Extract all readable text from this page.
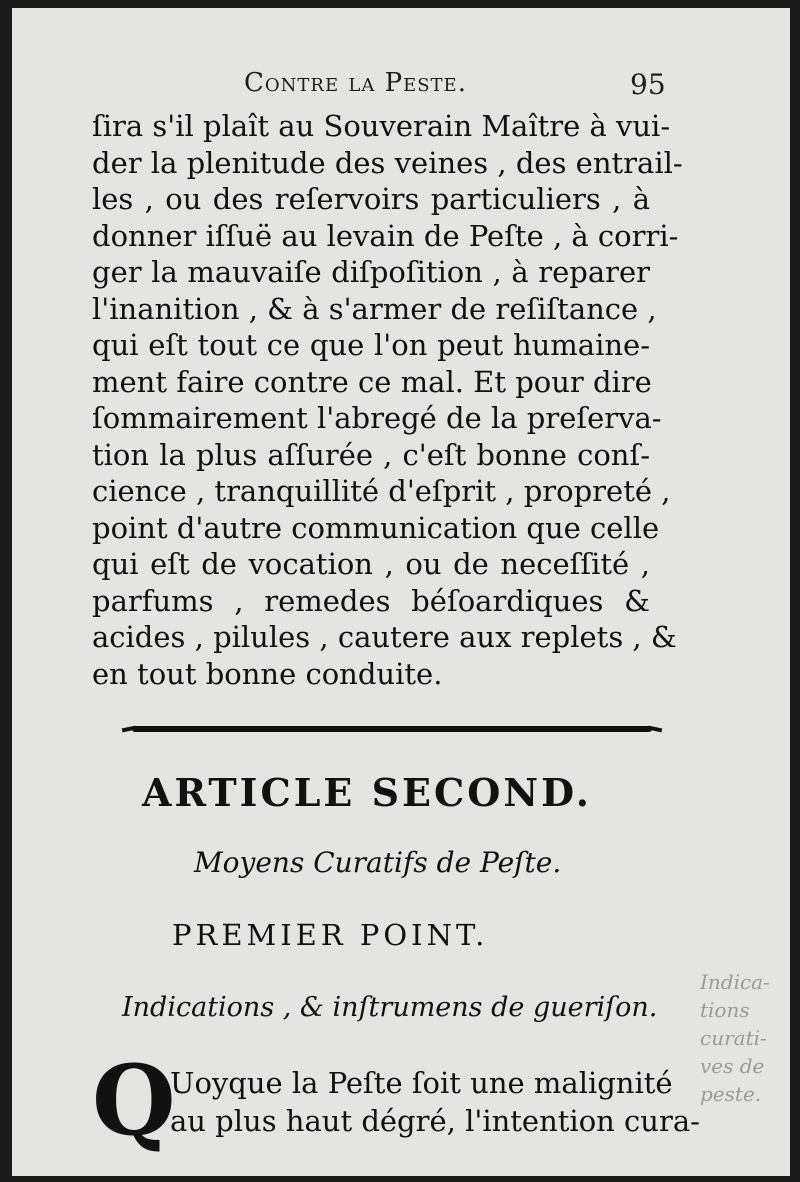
Contre la Peste.	95
ſira s'il plaît au Souverain Maître à vui-
der la plenitude des veines , des entrail-
les , ou des reſervoirs particuliers , à
donner iſſuë au levain de Peſte , à corri-
ger la mauvaiſe diſpoſition , à reparer
l'inanition , & à s'armer de reſiſtance ,
qui eſt tout ce que l'on peut humaine-
ment faire contre ce mal. Et pour dire
ſommairement l'abregé de la preſerva-
tion la plus aſſurée , c'eſt bonne conſ-
cience , tranquillité d'eſprit , propreté ,
point d'autre communication que celle
qui eſt de vocation , ou de neceſſité ,
parfums , remedes béſoardiques &
acides , pilules , cautere aux replets , &
en tout bonne conduite.
ARTICLE SECOND.
Moyens Curatifs de Peſte.
PREMIER POINT.
Indications , & inſtrumens de gueriſon.
Q
Uoyque la Peſte ſoit une malignité
au plus haut dégré, l'intention cura-
Indica-
tions
curati-
ves de
peste.
